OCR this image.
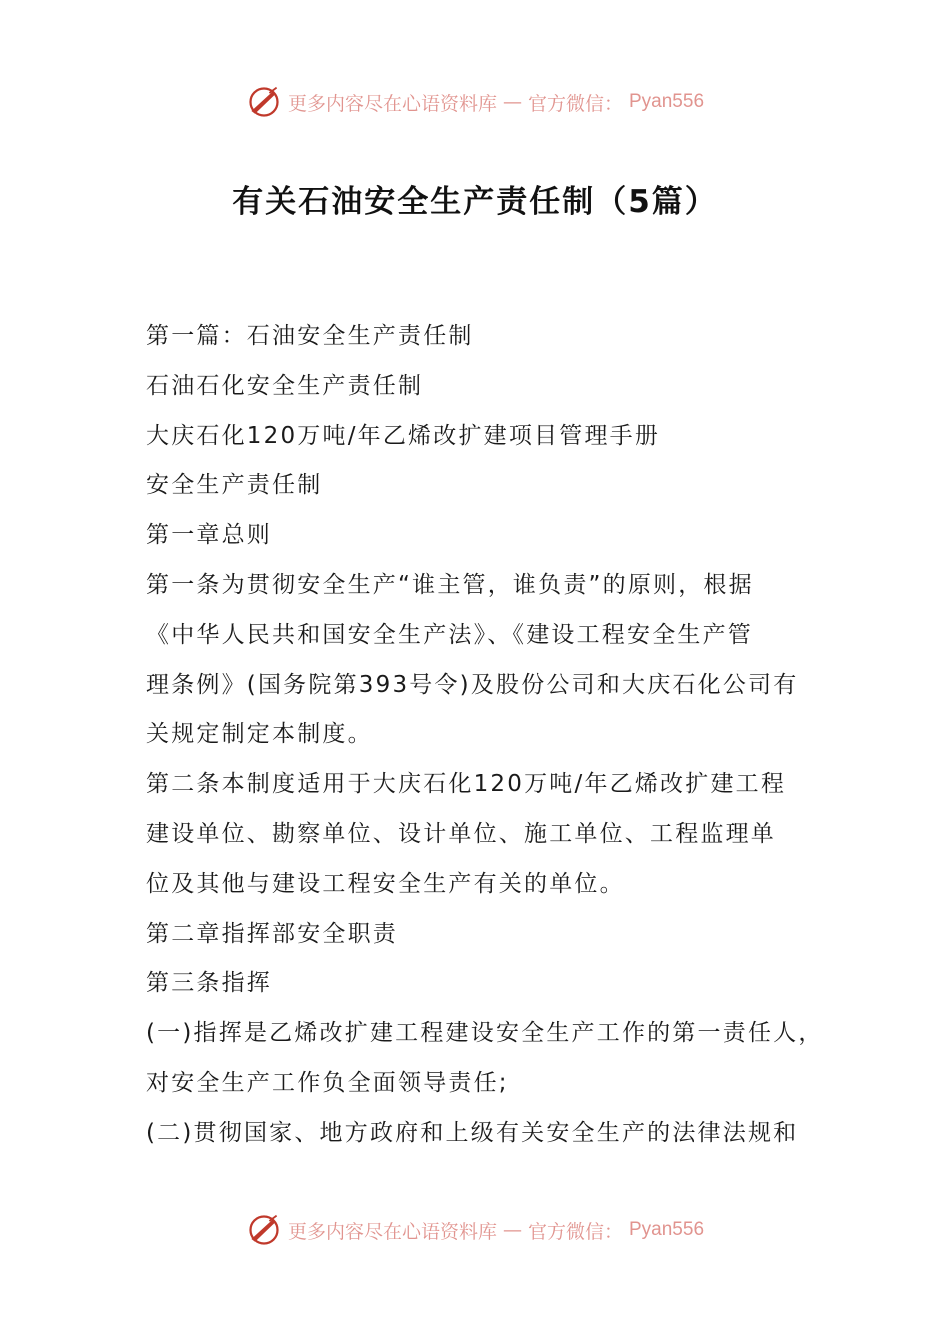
更多内容尽在心语资料库 — 官方微信： Pyan556
有关石油安全生产责任制（5篇）

第一篇：石油安全生产责任制

石油石化安全生产责任制

大庆石化120万吨/年乙烯改扩建项目管理手册

安全生产责任制

第一章总则

第一条为贯彻安全生产“谁主管，谁负责”的原则，根据

《中华人民共和国安全生产法》、《建设工程安全生产管

理条例》(国务院第393号令)及股份公司和大庆石化公司有

关规定制定本制度。

第二条本制度适用于大庆石化120万吨/年乙烯改扩建工程

建设单位、勘察单位、设计单位、施工单位、工程监理单

位及其他与建设工程安全生产有关的单位。

第二章指挥部安全职责

第三条指挥

(一)指挥是乙烯改扩建工程建设安全生产工作的第一责任人，

对安全生产工作负全面领导责任;

(二)贯彻国家、地方政府和上级有关安全生产的法律法规和

更多内容尽在心语资料库 — 官方微信： Pyan556
